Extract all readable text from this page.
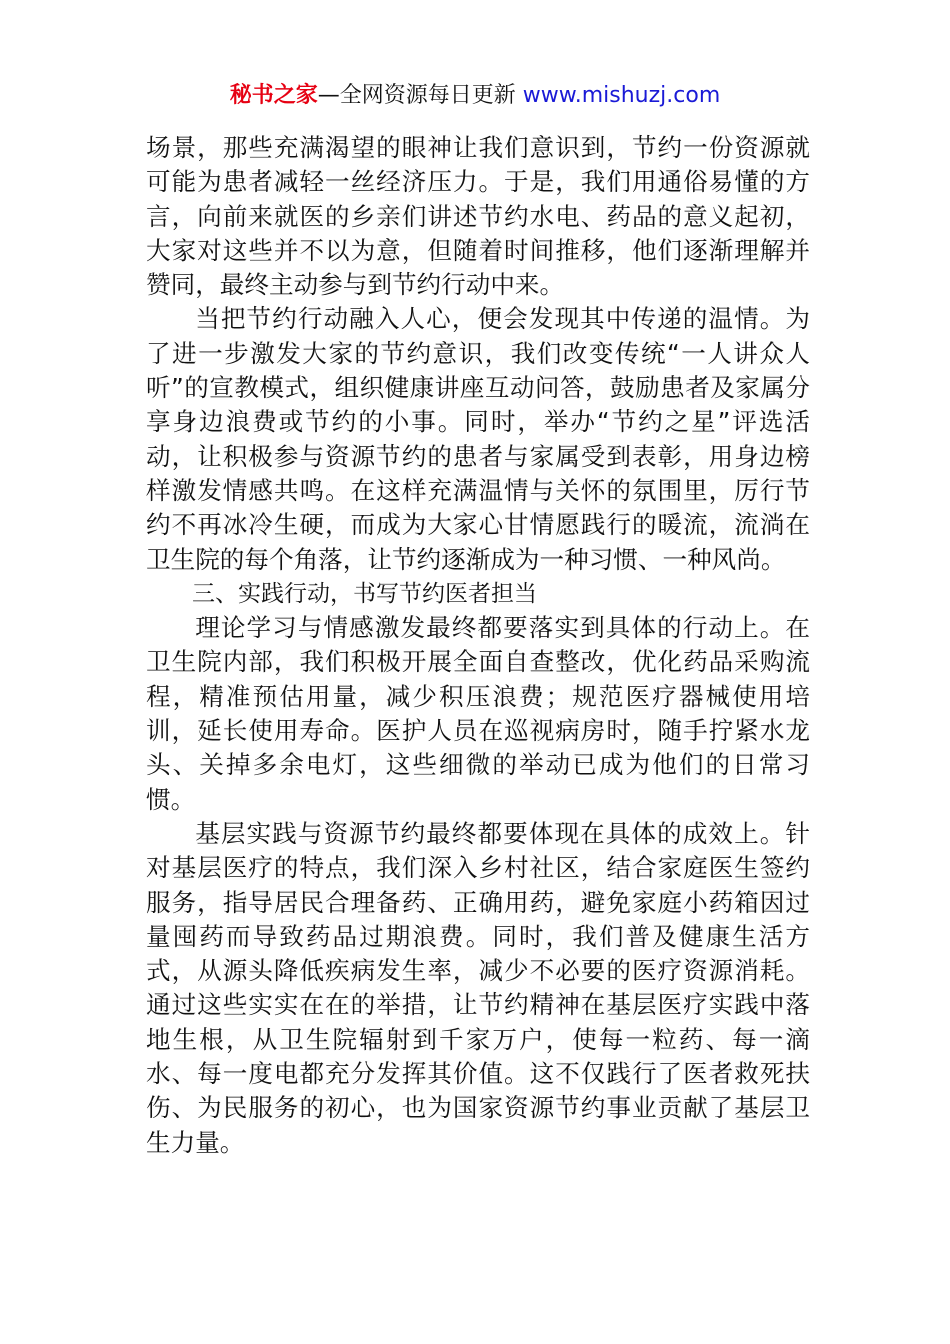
秘书之家—全网资源每日更新 www.mishuzj.com

场景，那些充满渴望的眼神让我们意识到，节约一份资源就可能为患者减轻一丝经济压力。于是，我们用通俗易懂的方言，向前来就医的乡亲们讲述节约水电、药品的意义起初，大家对这些并不以为意，但随着时间推移，他们逐渐理解并赞同，最终主动参与到节约行动中来。

当把节约行动融入人心，便会发现其中传递的温情。为了进一步激发大家的节约意识，我们改变传统“一人讲众人听”的宣教模式，组织健康讲座互动问答，鼓励患者及家属分享身边浪费或节约的小事。同时，举办“节约之星”评选活动，让积极参与资源节约的患者与家属受到表彰，用身边榜样激发情感共鸣。在这样充满温情与关怀的氛围里，厉行节约不再冰冷生硬，而成为大家心甘情愿践行的暖流，流淌在卫生院的每个角落，让节约逐渐成为一种习惯、一种风尚。

三、实践行动，书写节约医者担当

理论学习与情感激发最终都要落实到具体的行动上。在卫生院内部，我们积极开展全面自查整改，优化药品采购流程，精准预估用量，减少积压浪费；规范医疗器械使用培训，延长使用寿命。医护人员在巡视病房时，随手拧紧水龙头、关掉多余电灯，这些细微的举动已成为他们的日常习惯。

基层实践与资源节约最终都要体现在具体的成效上。针对基层医疗的特点，我们深入乡村社区，结合家庭医生签约服务，指导居民合理备药、正确用药，避免家庭小药箱因过量囤药而导致药品过期浪费。同时，我们普及健康生活方式，从源头降低疾病发生率，减少不必要的医疗资源消耗。通过这些实实在在的举措，让节约精神在基层医疗实践中落地生根，从卫生院辐射到千家万户，使每一粒药、每一滴水、每一度电都充分发挥其价值。这不仅践行了医者救死扶伤、为民服务的初心，也为国家资源节约事业贡献了基层卫生力量。
